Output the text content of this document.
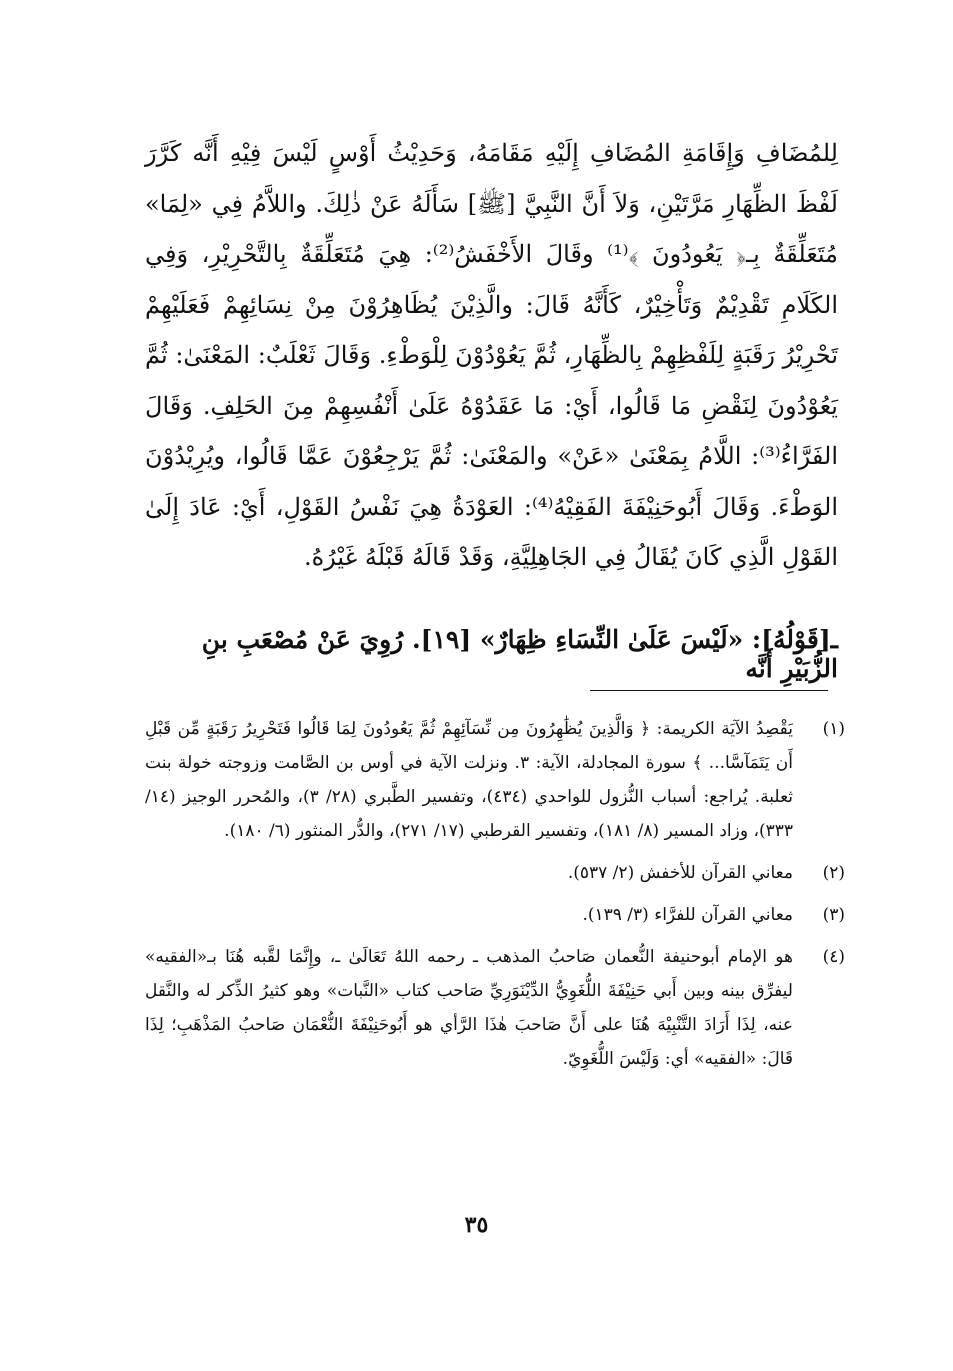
لِلمُضَافِ وَإِقَامَةِ المُضَافِ إِلَيْهِ مَقَامَهُ، وَحَدِيْثُ أَوْسٍ لَيْسَ فِيْهِ أَنَّه كَرَّرَ لَفْظَ الظِّهَارِ مَرَّتَيْنِ، وَلاَ أَنَّ النَّبِيَّ [ﷺ] سَأَلَهُ عَنْ ذٰلِكَ. واللاَّمُ فِي «لِمَا» مُتَعَلِّقَةٌ بِـ﴿ يَعُودُونَ ﴾⁽¹⁾ وقَالَ الأَخْفَشُ⁽²⁾: هِيَ مُتَعَلِّقَةٌ بِالتَّحْرِيْرِ، وَفِي الكَلَامِ تَقْدِيْمٌ وَتَأْخِيْرٌ، كَأَنَّهُ قَالَ: والَّذِيْنَ يُظَاهِرُوْنَ مِنْ نِسَائِهِمْ فَعَلَيْهِمْ تَحْرِيْرُ رَقَبَةٍ لِلَفْظِهِمْ بِالظِّهَارِ، ثُمَّ يَعُوْدُوْنَ لِلْوَطْءِ. وَقَالَ ثَعْلَبٌ: المَعْنَىٰ: ثُمَّ يَعُوْدُونَ لِنَقْضِ مَا قَالُوا، أَيْ: مَا عَقَدُوْهُ عَلَىٰ أَنْفُسِهِمْ مِنَ الحَلِفِ. وَقَالَ الفَرَّاءُ⁽³⁾: اللَّامُ بِمَعْنَىٰ «عَنْ» والمَعْنَىٰ: ثُمَّ يَرْجِعُوْنَ عَمَّا قَالُوا، ويُرِيْدُوْنَ الوَطْءَ. وَقَالَ أَبُوحَنِيْفَةَ الفَقِيْهُ⁽⁴⁾: العَوْدَةُ هِيَ نَفْسُ القَوْلِ، أَيْ: عَادَ إِلَىٰ القَوْلِ الَّذِي كَانَ يُقَالُ فِي الجَاهِلِيَّةِ، وَقَدْ قَالَهُ قَبْلَهُ غَيْرُهُ.

ـ[قَوْلُهُ]: «لَيْسَ عَلَىٰ النِّسَاءِ ظِهَارٌ» [١٩]. رُوِيَ عَنْ مُصْعَبِ بنِ الزُّبَيْرِ أَنَّه

(١)
يَقْصِدُ الآيَة الكريمة: ﴿ وَالَّذِينَ يُظَٰهِرُونَ مِن نِّسَآئِهِمْ ثُمَّ يَعُودُونَ لِمَا قَالُوا فَتَحْرِيرُ رَقَبَةٍ مِّن قَبْلِ أَن يَتَمَآسَّا... ﴾ سورة المجادلة، الآية: ٣. ونزلت الآية في أوس بن الصَّامت وزوجته خولة بنت ثعلبة. يُراجع: أسباب النُّزول للواحدي (٤٣٤)، وتفسير الطَّبري (٢٨/ ٣)، والمُحرر الوجيز (١٤/ ٣٣٣)، وزاد المسير (٨/ ١٨١)، وتفسير القرطبي (١٧/ ٢٧١)، والدُّر المنثور (٦/ ١٨٠).
(٢)
معاني القرآن للأخفش (٢/ ٥٣٧).
(٣)
معاني القرآن للفرَّاء (٣/ ١٣٩).
(٤)
هو الإمام أبوحنيفة النُّعمان صَاحبُ المذهب ـ رحمه اللهُ تَعَالَىٰ ـ، وإِنَّمَا لقَّبه هُنَا بـ«الفقيه» ليفرِّق بينه وبين أَبي حَنِيْفَةَ اللُّغَوِيُّ الدِّيْنَوَرِيِّ صَاحب كتاب «النَّبات» وهو كثيرُ الذِّكر له والنَّقل عنه، لِذَا أَرَادَ التَّنْبِيْهَ هُنَا على أَنَّ صَاحبَ هٰذَا الرَّأي هو أَبُوحَنِيْفَةَ النُّعْمَان صَاحبُ المَذْهَبِ؛ لِذَا قَالَ: «الفقيه» أي: وَلَيْسَ اللُّغَوِيّ.
٣٥
